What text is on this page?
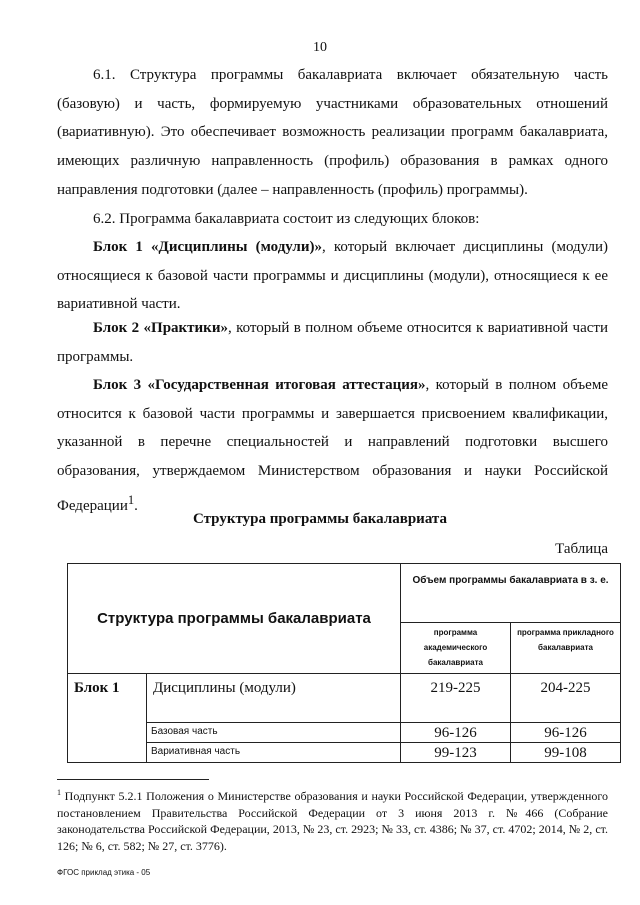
10
6.1. Структура программы бакалавриата включает обязательную часть (базовую) и часть, формируемую участниками образовательных отношений (вариативную). Это обеспечивает возможность реализации программ бакалавриата, имеющих различную направленность (профиль) образования в рамках одного направления подготовки (далее – направленность (профиль) программы).
6.2. Программа бакалавриата состоит из следующих блоков:
Блок 1 «Дисциплины (модули)», который включает дисциплины (модули) относящиеся к базовой части программы и дисциплины (модули), относящиеся к ее вариативной части.
Блок 2 «Практики», который в полном объеме относится к вариативной части программы.
Блок 3 «Государственная итоговая аттестация», который в полном объеме относится к базовой части программы и завершается присвоением квалификации, указанной в перечне специальностей и направлений подготовки высшего образования, утверждаемом Министерством образования и науки Российской Федерации$^1$.
Структура программы бакалавриата
Таблица
Структура программы бакалавриата		Объем программы бакалавриата в з. е.	
		программа академического бакалавриата	программа прикладного бакалавриата
Блок 1	Дисциплины (модули)	219-225	204-225
	Базовая часть	96-126	96-126
	Вариативная часть	99-123	99-108
$^1$ Подпункт 5.2.1 Положения о Министерстве образования и науки Российской Федерации, утвержденного постановлением Правительства Российской Федерации от 3 июня 2013 г. №466 (Собрание законодательства Российской Федерации, 2013, № 23, ст. 2923; № 33, ст. 4386; № 37, ст. 4702; 2014, № 2, ст. 126; № 6, ст. 582; № 27, ст. 3776).
ФГОС приклад этика - 05
